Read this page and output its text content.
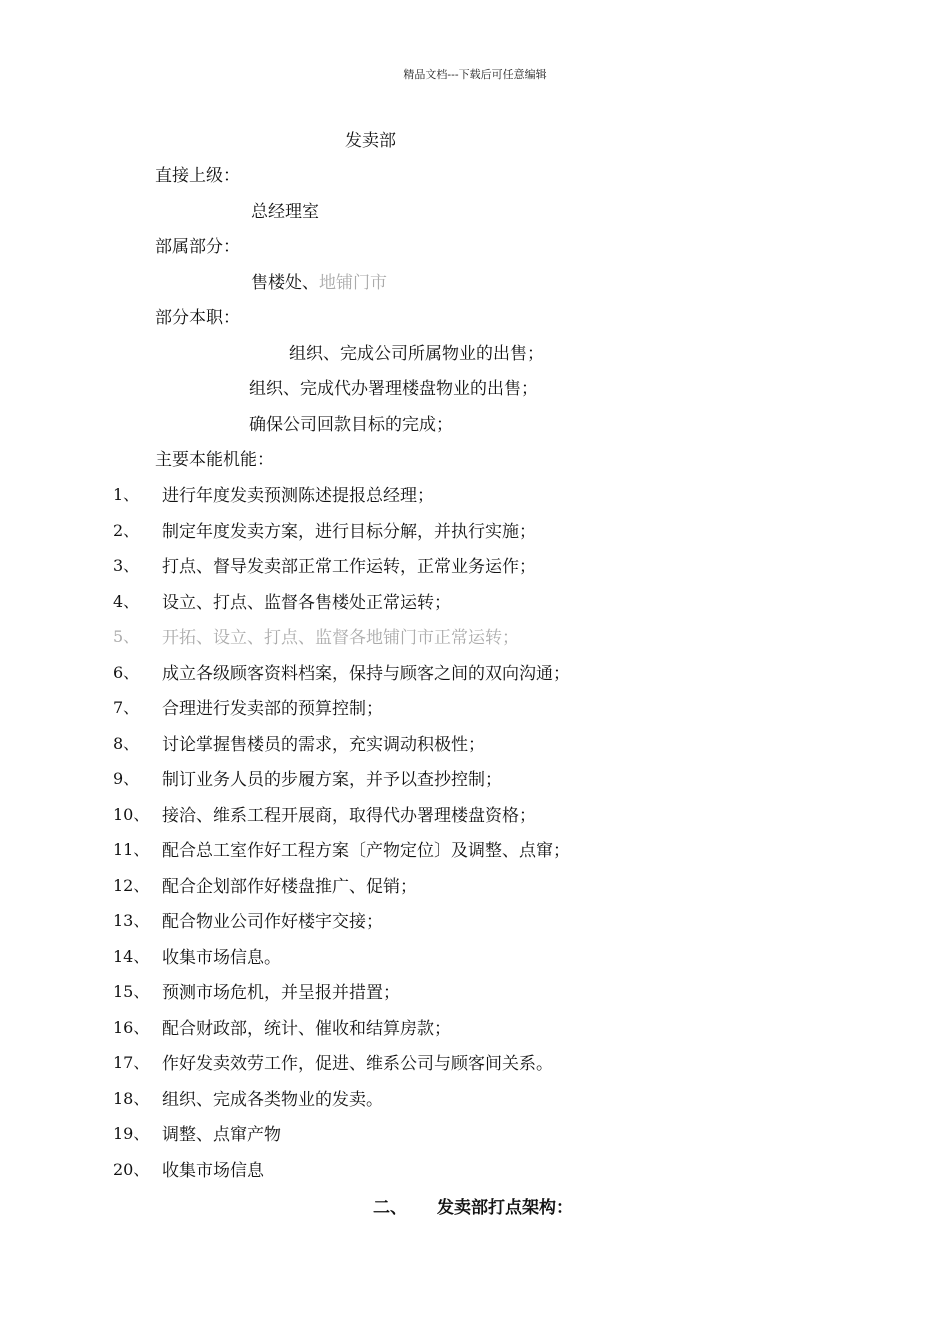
精品文档---下载后可任意编辑
发卖部
直接上级：
总经理室
部属部分：
售楼处、地铺门市
部分本职：
组织、完成公司所属物业的出售；
组织、完成代办署理楼盘物业的出售；
确保公司回款目标的完成；
主要本能机能：
1、 进行年度发卖预测陈述提报总经理；
2、 制定年度发卖方案，进行目标分解，并执行实施；
3、 打点、督导发卖部正常工作运转，正常业务运作；
4、 设立、打点、监督各售楼处正常运转；
5、 开拓、设立、打点、监督各地铺门市正常运转；
6、 成立各级顾客资料档案，保持与顾客之间的双向沟通；
7、 合理进行发卖部的预算控制；
8、 讨论掌握售楼员的需求，充实调动积极性；
9、 制订业务人员的步履方案，并予以查抄控制；
10、 接洽、维系工程开展商，取得代办署理楼盘资格；
11、 配合总工室作好工程方案〔产物定位〕及调整、点窜；
12、 配合企划部作好楼盘推广、促销；
13、 配合物业公司作好楼宇交接；
14、 收集市场信息。
15、 预测市场危机，并呈报并措置；
16、 配合财政部，统计、催收和结算房款；
17、 作好发卖效劳工作，促进、维系公司与顾客间关系。
18、 组织、完成各类物业的发卖。
19、 调整、点窜产物
20、 收集市场信息
二、 发卖部打点架构：
